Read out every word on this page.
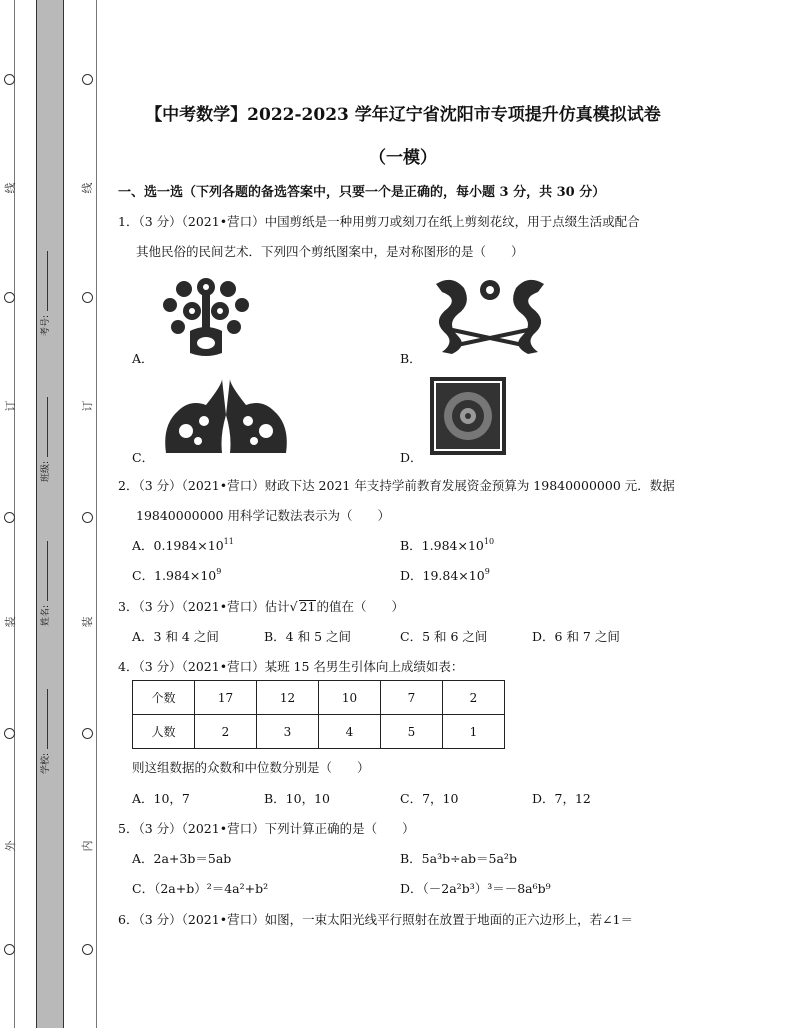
线
订
装
外
线
订
装
内
考号:
班级:
姓名:
学校:
【中考数学】2022-2023 学年辽宁省沈阳市专项提升仿真模拟试卷
（一模）
一、选一选（下列各题的备选答案中，只要一个是正确的，每小题 3 分，共 30 分）
1．（3 分）（2021•营口）中国剪纸是一种用剪刀或刻刀在纸上剪刻花纹，用于点缀生活或配合
其他民俗的民间艺术．下列四个剪纸图案中，是对称图形的是（　　）
A．	B．
C．	D．
2．（3 分）（2021•营口）财政下达 2021 年支持学前教育发展资金预算为 19840000000 元．数据
19840000000 用科学记数法表示为（　　）
A．$0.1984\times 10^{11}$	B．$1.984\times 10^{10}$
C．$1.984\times 10^9$	D．$19.84\times 10^9$
3．（3 分）（2021•营口）估计√ 21的值在（　　）
A．3 和 4 之间	B．4 和 5 之间	C．5 和 6 之间	D．6 和 7 之间
4．（3 分）（2021•营口）某班 15 名男生引体向上成绩如表：
个数	17	12	10	7	2
人数	2	3	4	5	1
则这组数据的众数和中位数分别是（　　）
A．10，7	B．10，10	C．7，10	D．7，12
5．（3 分）（2021•营口）下列计算正确的是（　　）
A．2a+3b＝5ab	B．5a³b÷ab＝5a²b
C．（2a+b）²＝4a²+b²	D．（－2a²b³）³＝－8a⁶b⁹
6．（3 分）（2021•营口）如图，一束太阳光线平行照射在放置于地面的正六边形上，若∠1＝
